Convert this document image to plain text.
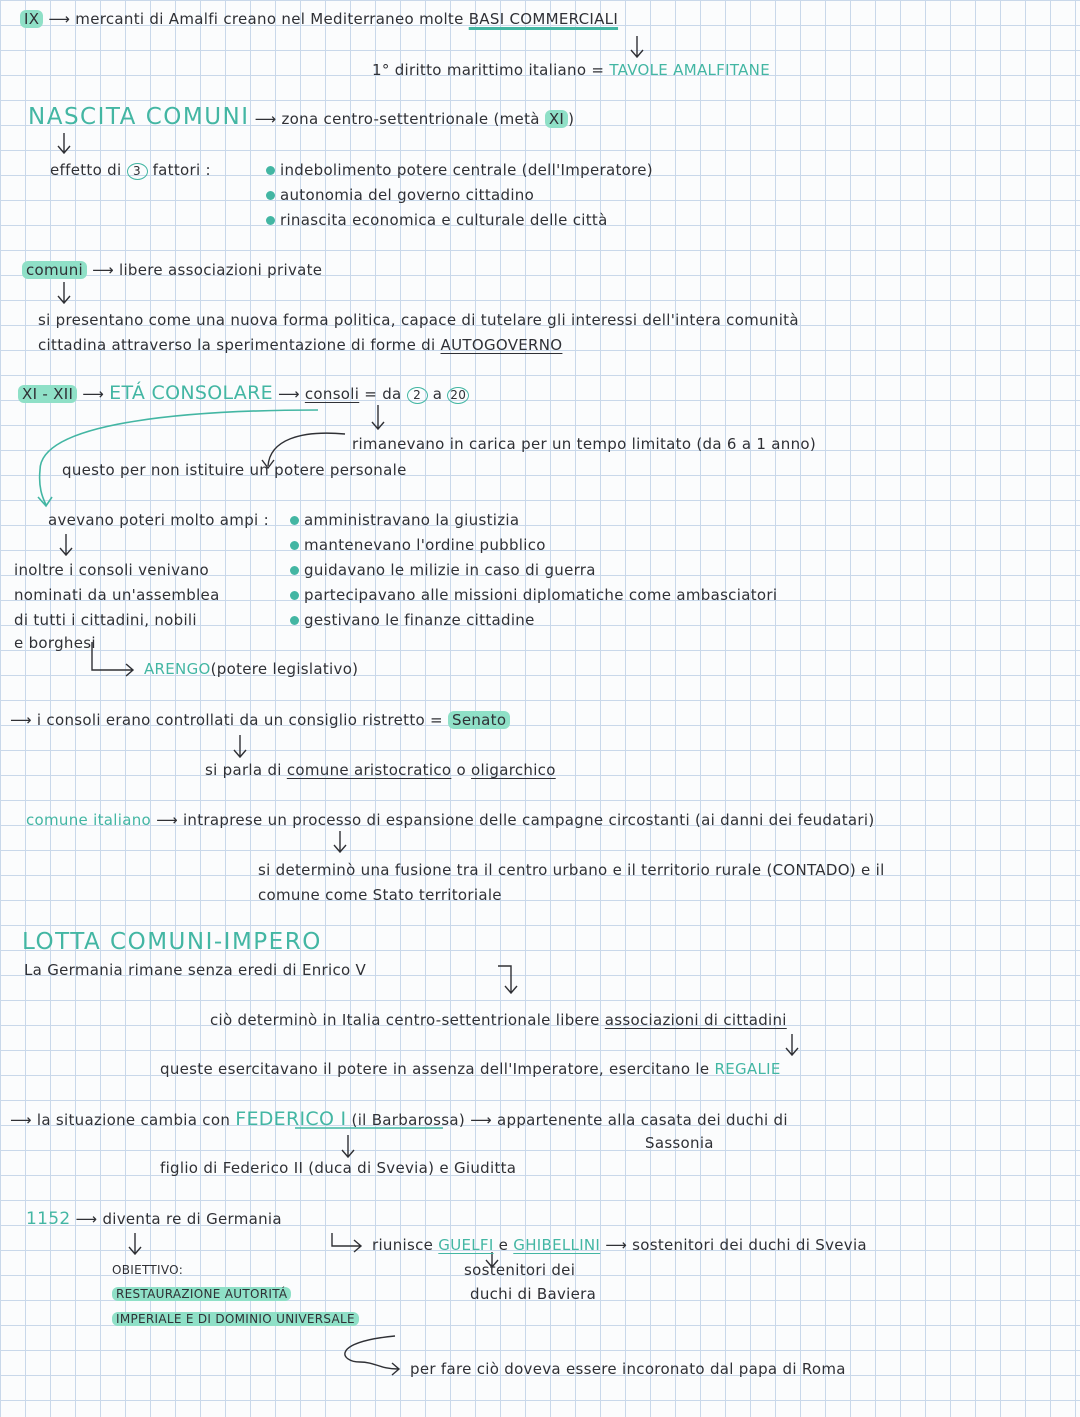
IX ⟶ mercanti di Amalfi creano nel Mediterraneo molte BASI COMMERCIALI
1° diritto marittimo italiano = TAVOLE AMALFITANE
NASCITA COMUNI ⟶ zona centro-settentrionale (metà XI )
effetto di 3 fattori :	indebolimento potere centrale (dell'Imperatore)
autonomia del governo cittadino
rinascita economica e culturale delle città
comuni ⟶ libere associazioni private
si presentano come una nuova forma politica, capace di tutelare gli interessi dell'intera comunità
cittadina attraverso la sperimentazione di forme di AUTOGOVERNO
XI - XII ⟶ ETÁ CONSOLARE ⟶ consoli = da 2 a 20
rimanevano in carica per un tempo limitato (da 6 a 1 anno)
questo per non istituire un potere personale
avevano poteri molto ampi :	amministravano la giustizia
mantenevano l'ordine pubblico
guidavano le milizie in caso di guerra
partecipavano alle missioni diplomatiche come ambasciatori
gestivano le finanze cittadine
inoltre i consoli venivano
nominati da un'assemblea
di tutti i cittadini, nobili
e borghesi
ARENGO(potere legislativo)
⟶ i consoli erano controllati da un consiglio ristretto = Senato
si parla di comune aristocratico o oligarchico
comune italiano ⟶ intraprese un processo di espansione delle campagne circostanti (ai danni dei feudatari)
si determinò una fusione tra il centro urbano e il territorio rurale (CONTADO) e il
comune come Stato territoriale
LOTTA COMUNI-IMPERO
La Germania rimane senza eredi di Enrico V
ciò determinò in Italia centro-settentrionale libere associazioni di cittadini
queste esercitavano il potere in assenza dell'Imperatore, esercitano le REGALIE
⟶ la situazione cambia con FEDERICO I (il Barbarossa) ⟶ appartenente alla casata dei duchi di
Sassonia
figlio di Federico II (duca di Svevia) e Giuditta
1152 ⟶ diventa re di Germania
riunisce GUELFI e GHIBELLINI ⟶ sostenitori dei duchi di Svevia
sostenitori dei
duchi di Baviera
OBIETTIVO:
RESTAURAZIONE AUTORITÁ
IMPERIALE E DI DOMINIO UNIVERSALE
per fare ciò doveva essere incoronato dal papa di Roma
